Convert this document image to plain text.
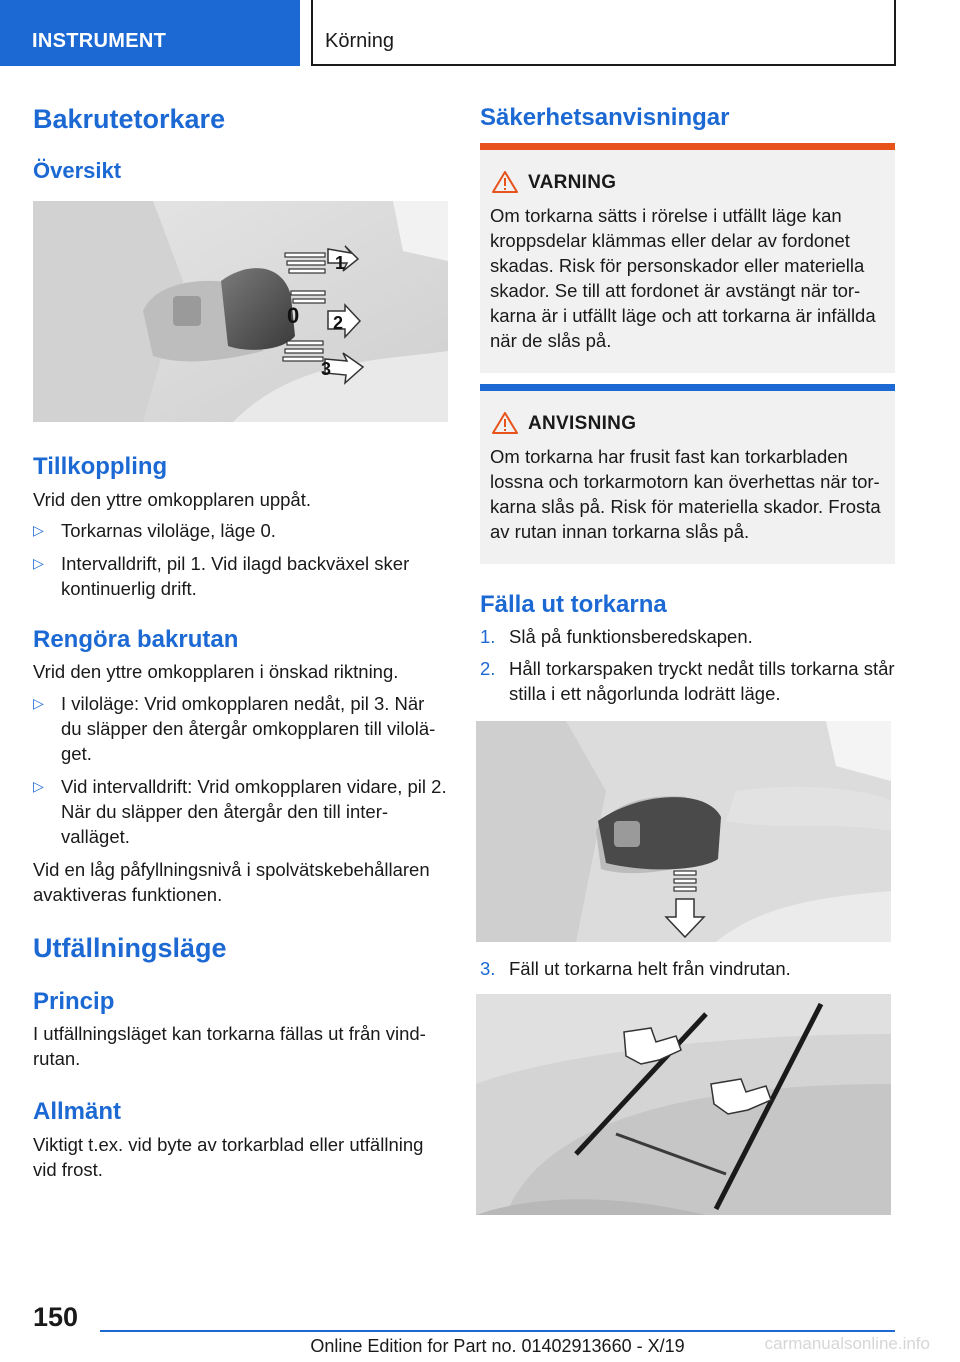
INSTRUMENT	Körning
Bakrutetorkare
Översikt
1
0 2
3
Tillkoppling

Vrid den yttre omkopplaren uppåt.

▷ Torkarnas viloläge, läge 0.
▷ Intervalldrift, pil 1. Vid ilagd backväxel sker kontinuerlig drift.
Rengöra bakrutan

Vrid den yttre omkopplaren i önskad riktning.

▷ I viloläge: Vrid omkopplaren nedåt, pil 3. När du släpper den återgår omkopplaren till vilolä‐ get.
▷ Vid intervalldrift: Vrid omkopplaren vidare, pil 2. När du släpper den återgår den till inter‐ valläget.

Vid en låg påfyllningsnivå i spolvätskebehållaren avaktiveras funktionen.

Utfällningsläge
Princip

I utfällningsläget kan torkarna fällas ut från vind‐ rutan.

Allmänt

Viktigt t.ex. vid byte av torkarblad eller utfällning vid frost.

Säkerhetsanvisningar
VARNING
Om torkarna sätts i rörelse i utfällt läge kan kroppsdelar klämmas eller delar av fordonet skadas. Risk för personskador eller materiella skador. Se till att fordonet är avstängt när tor‐ karna är i utfällt läge och att torkarna är infällda när de slås på.
ANVISNING
Om torkarna har frusit fast kan torkarbladen lossna och torkarmotorn kan överhettas när tor‐ karna slås på. Risk för materiella skador. Frosta av rutan innan torkarna slås på.
Fälla ut torkarna
1. Slå på funktionsberedskapen.
2. Håll torkarspaken tryckt nedåt tills torkarna står stilla i ett någorlunda lodrätt läge.
3. Fäll ut torkarna helt från vindrutan.
150
Online Edition for Part no. 01402913660 - X/19	carmanualsonline.info
